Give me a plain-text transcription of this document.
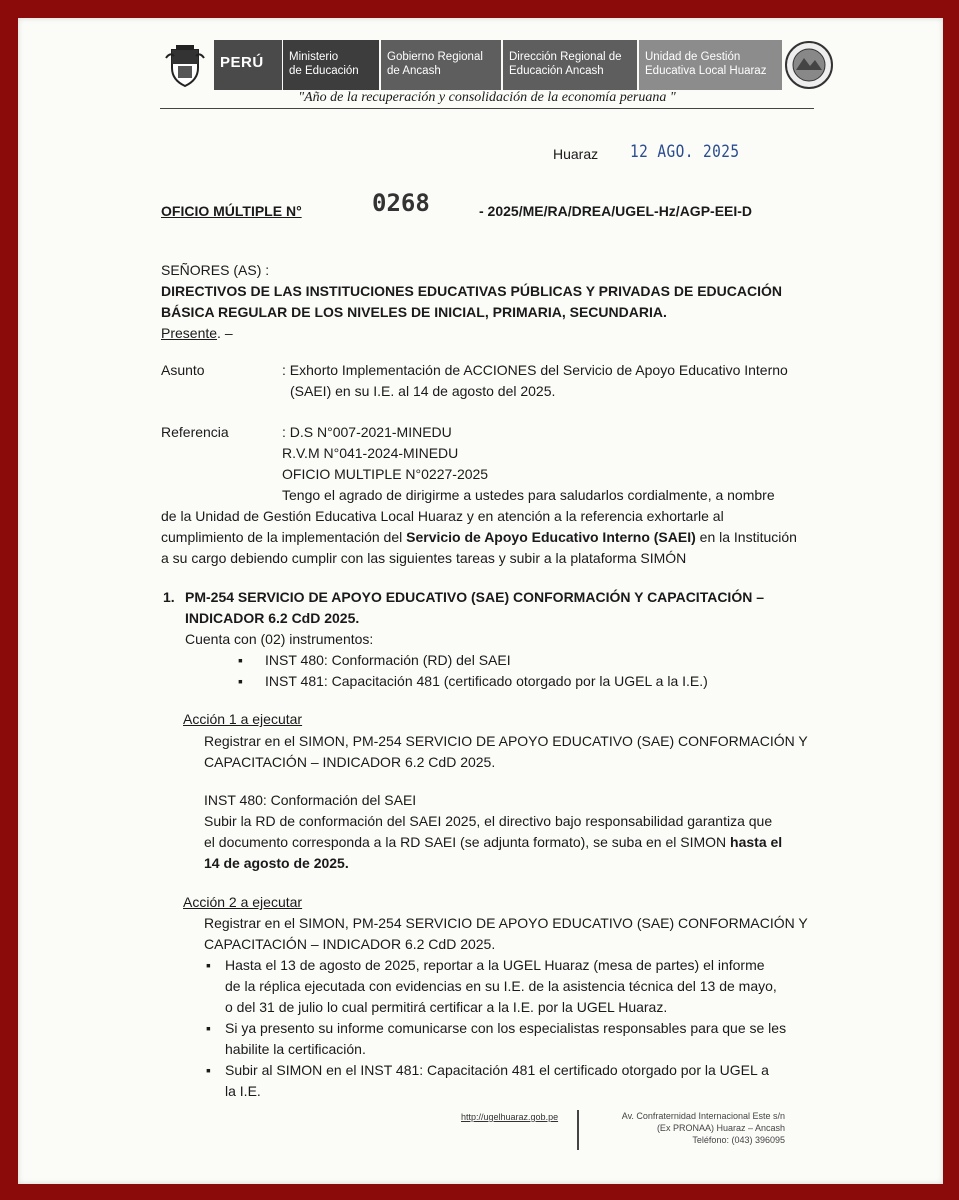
PERÚ	Ministerio
de Educación
Gobierno Regional
de Ancash
Dirección Regional de
Educación Ancash
Unidad de Gestión
Educativa Local Huaraz
"Año de la recuperación y consolidación de la economía peruana "
Huaraz 12 AGO. 2025
OFICIO MÚLTIPLE N°	0268	- 2025/ME/RA/DREA/UGEL-Hz/AGP-EEI-D
SEÑORES (AS) :
DIRECTIVOS DE LAS INSTITUCIONES EDUCATIVAS PÚBLICAS Y PRIVADAS DE EDUCACIÓN
BÁSICA REGULAR DE LOS NIVELES DE INICIAL, PRIMARIA, SECUNDARIA.
Presente. –
Asunto	: Exhorto Implementación de ACCIONES del Servicio de Apoyo Educativo Interno
(SAEI) en su I.E. al 14 de agosto del 2025.
Referencia	: D.S N°007-2021-MINEDU
R.V.M N°041-2024-MINEDU
OFICIO MULTIPLE N°0227-2025
Tengo el agrado de dirigirme a ustedes para saludarlos cordialmente, a nombre
de la Unidad de Gestión Educativa Local Huaraz y en atención a la referencia exhortarle al
cumplimiento de la implementación del Servicio de Apoyo Educativo Interno (SAEI) en la Institución
a su cargo debiendo cumplir con las siguientes tareas y subir a la plataforma SIMÓN
1. PM-254 SERVICIO DE APOYO EDUCATIVO (SAE) CONFORMACIÓN Y CAPACITACIÓN –
INDICADOR 6.2 CdD 2025.
Cuenta con (02) instrumentos:
▪
INST 480: Conformación (RD) del SAEI
▪
INST 481: Capacitación 481 (certificado otorgado por la UGEL a la I.E.)
Acción 1 a ejecutar
Registrar en el SIMON, PM-254 SERVICIO DE APOYO EDUCATIVO (SAE) CONFORMACIÓN Y
CAPACITACIÓN – INDICADOR 6.2 CdD 2025.
INST 480: Conformación del SAEI
Subir la RD de conformación del SAEI 2025, el directivo bajo responsabilidad garantiza que
el documento corresponda a la RD SAEI (se adjunta formato), se suba en el SIMON hasta el
14 de agosto de 2025.
Acción 2 a ejecutar
Registrar en el SIMON, PM-254 SERVICIO DE APOYO EDUCATIVO (SAE) CONFORMACIÓN Y
CAPACITACIÓN – INDICADOR 6.2 CdD 2025.
▪
Hasta el 13 de agosto de 2025, reportar a la UGEL Huaraz (mesa de partes) el informe
de la réplica ejecutada con evidencias en su I.E. de la asistencia técnica del 13 de mayo,
o del 31 de julio lo cual permitirá certificar a la I.E. por la UGEL Huaraz.
▪
Si ya presento su informe comunicarse con los especialistas responsables para que se les
habilite la certificación.
▪
Subir al SIMON en el INST 481: Capacitación 481 el certificado otorgado por la UGEL a
la I.E.
http://ugelhuaraz.gob.pe	Av. Confraternidad Internacional Este s/n
(Ex PRONAA) Huaraz – Ancash
Teléfono: (043) 396095
